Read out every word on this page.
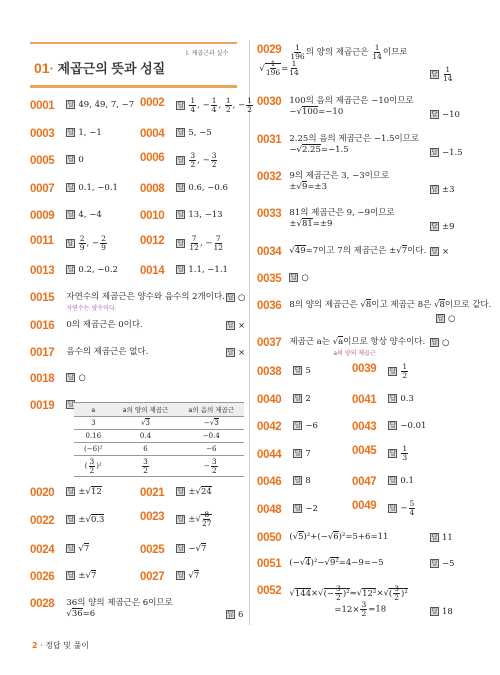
Ⅰ. 제곱근과 실수
01· 제곱근의 뜻과 성질
0001 답 49, 49, 7, −7 0002 답 $\frac{1}{4}$ , − $\frac{1}{4}$ , $\frac{1}{2}$ , − $\frac{1}{2}$
0003 답 1, −1	0004 답 5, −5
0005 답 0	0006 답 $\frac{3}{2}$ , − $\frac{3}{2}$
0007 답 0.1, −0.1 0008 답 0.6, −0.6
0009 답 4, −4	0010 답 13, −13
0011 답 $\frac{2}{9}$ , − $\frac{2}{9}$	0012 답 $\frac{7}{12}$ , − $\frac{7}{12}$
0013 답 0.2, −0.2 0014 답 1.1, −1.1
0015 자연수의 제곱근은 양수와 음수의 2개이다.
자연수는 양수이다.
답 ○
0016 0의 제곱근은 0이다.	답 ×
0017 음수의 제곱근은 없다.	답 ×
0018 답 ○
0019 답
a	a의 양의 제곱근	a의 음의 제곱근
3	√3	−√3
0.16	0.4	−0.4
(−6)²	6	−6
( $\frac{3}{2} )^2$	$\frac{3}{2}$	− $\frac{3}{2}$
0020 답 ±√12	0021 답 ±√24
0022 답 ±√0.3	0023 답 ±√ $\frac{8}{27}$
0024 답 √7	0025 답 −√7
0026 답 ±√7	0027 답 √7
0028 36의 양의 제곱근은 6이므로
√36=6	답 6
$0029 \frac{1}{196}$ 의 양의 제곱근은 $\frac{1}{14}$ 이므로
√ $\frac{1}{196} = \frac{1}{14}$	답 $\frac{1}{14}$
0030 100의 음의 제곱근은 −10이므로
−√100=−10	답 −10
0031 2.25의 음의 제곱근은 −1.5이므로
−√2.25=−1.5	답 −1.5
0032 9의 제곱근은 3, −3이므로
±√9=±3	답 ±3
0033 81의 제곱근은 9, −9이므로
±√81=±9	답 ±9
0034 √49=7이고 7의 제곱근은 ±√7이다. 답 ×
0035 답 ○
0036 8의 양의 제곱근은 √8이고 제곱근 8은 √8이므로 같다.
답 ○
0037 제곱근 a는 √a이므로 항상 양수이다.
a의 양의 제곱근
답 ○
0038 답 5	0039 답 $\frac{1}{2}$
0040 답 2	0041 답 0.3
0042 답 −6	0043 답 −0.01
0044 답 7	0045 답 $\frac{1}{3}$
0046 답 8	0047 답 0.1
0048 답 −2	0049 답 − $\frac{5}{4}$
0050 (√5)²+(−√6)²=5+6=11	답 11
0051 (−√4)²−√9²=4−9=−5	답 −5
0052 $√144\times√(- \frac{3}{2} )^2=√12^2\times√( \frac{3}{2} )^2$
$=12\times \frac{3}{2} =18$	답 18
2 · 정답 및 풀이
